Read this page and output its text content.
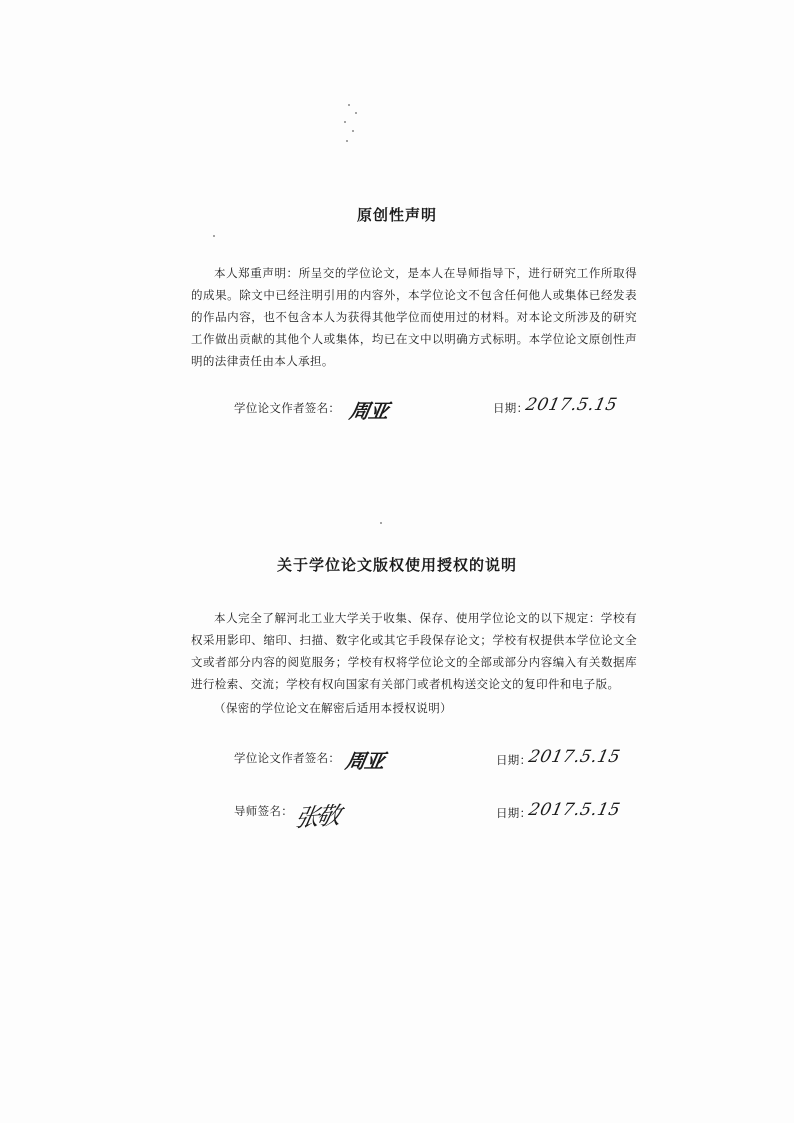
原创性声明

本人郑重声明：所呈交的学位论文，是本人在导师指导下，进行研究工作所取得的成果。除文中已经注明引用的内容外，本学位论文不包含任何他人或集体已经发表的作品内容，也不包含本人为获得其他学位而使用过的材料。对本论文所涉及的研究工作做出贡献的其他个人或集体，均已在文中以明确方式标明。本学位论文原创性声明的法律责任由本人承担。

学位论文作者签名： 周亚	日期：
2017.5.15
关于学位论文版权使用授权的说明

本人完全了解河北工业大学关于收集、保存、使用学位论文的以下规定：学校有权采用影印、缩印、扫描、数字化或其它手段保存论文；学校有权提供本学位论文全文或者部分内容的阅览服务；学校有权将学位论文的全部或部分内容编入有关数据库进行检索、交流；学校有权向国家有关部门或者机构送交论文的复印件和电子版。

（保密的学位论文在解密后适用本授权说明）
学位论文作者签名： 周亚	日期：
2017.5.15
导师签名： 张敬	日期：
2017.5.15
